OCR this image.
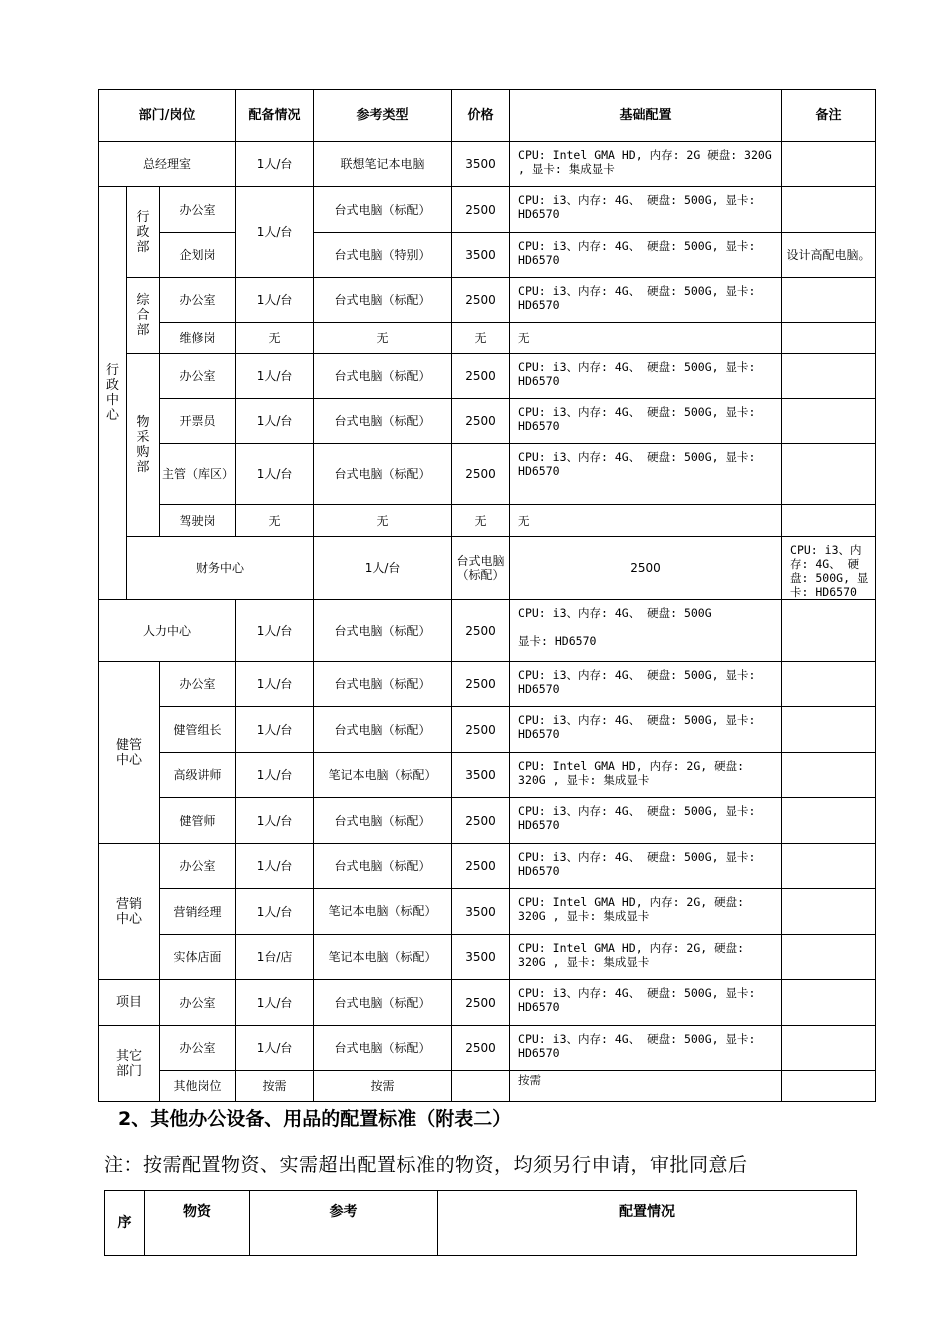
部门/岗位			配备情况	参考类型	价格	基础配置	备注	
总经理室			1人/台	联想笔记本电脑	3500	CPU: Intel GMA HD, 内存: 2G 硬盘: 320G , 显卡: 集成显卡		
行政中心	行政部	办公室	1人/台	台式电脑（标配）	2500	CPU: i3、内存: 4G、 硬盘: 500G, 显卡: HD6570		
		企划岗		台式电脑（特别）	3500	CPU: i3、内存: 4G、 硬盘: 500G, 显卡: HD6570	设计高配电脑。	
	综合部	办公室	1人/台	台式电脑（标配）	2500	CPU: i3、内存: 4G、 硬盘: 500G, 显卡: HD6570		
		维修岗	无	无	无	无		
	物采购部	办公室	1人/台	台式电脑（标配）	2500	CPU: i3、内存: 4G、 硬盘: 500G, 显卡: HD6570		
		开票员	1人/台	台式电脑（标配）	2500	CPU: i3、内存: 4G、 硬盘: 500G, 显卡: HD6570		
		主管（库区）	1人/台	台式电脑（标配）	2500	CPU: i3、内存: 4G、 硬盘: 500G, 显卡: HD6570		
		驾驶岗	无	无	无	无		
	财务中心			1人/台	台式电脑（标配）	2500	CPU: i3、内存: 4G、 硬盘: 500G, 显卡: HD6570	
人力中心			1人/台	台式电脑（标配）	2500	CPU: i3、内存: 4G、 硬盘: 500G
显卡: HD6570		

健管中心		办公室	1人/台	台式电脑（标配）	2500	CPU: i3、内存: 4G、 硬盘: 500G, 显卡: HD6570		
		健管组长	1人/台	台式电脑（标配）	2500	CPU: i3、内存: 4G、 硬盘: 500G, 显卡: HD6570		
		高级讲师	1人/台	笔记本电脑（标配）	3500	CPU: Intel GMA HD, 内存: 2G, 硬盘: 320G , 显卡: 集成显卡		
		健管师	1人/台	台式电脑（标配）	2500	CPU: i3、内存: 4G、 硬盘: 500G, 显卡: HD6570		
营销中心		办公室	1人/台	台式电脑（标配）	2500	CPU: i3、内存: 4G、 硬盘: 500G, 显卡: HD6570		
		营销经理	1人/台	笔记本电脑（标配）	3500	CPU: Intel GMA HD, 内存: 2G, 硬盘: 320G , 显卡: 集成显卡		
		实体店面	1台/店	笔记本电脑（标配）	3500	CPU: Intel GMA HD, 内存: 2G, 硬盘: 320G , 显卡: 集成显卡		
项目		办公室	1人/台	台式电脑（标配）	2500	CPU: i3、内存: 4G、 硬盘: 500G, 显卡: HD6570		
其它部门		办公室	1人/台	台式电脑（标配）	2500	CPU: i3、内存: 4G、 硬盘: 500G, 显卡: HD6570		
		其他岗位	按需	按需		按需		
2、其他办公设备、用品的配置标准（附表二）
注：按需配置物资、实需超出配置标准的物资，均须另行申请，审批同意后
序	物资	参考	配置情况
